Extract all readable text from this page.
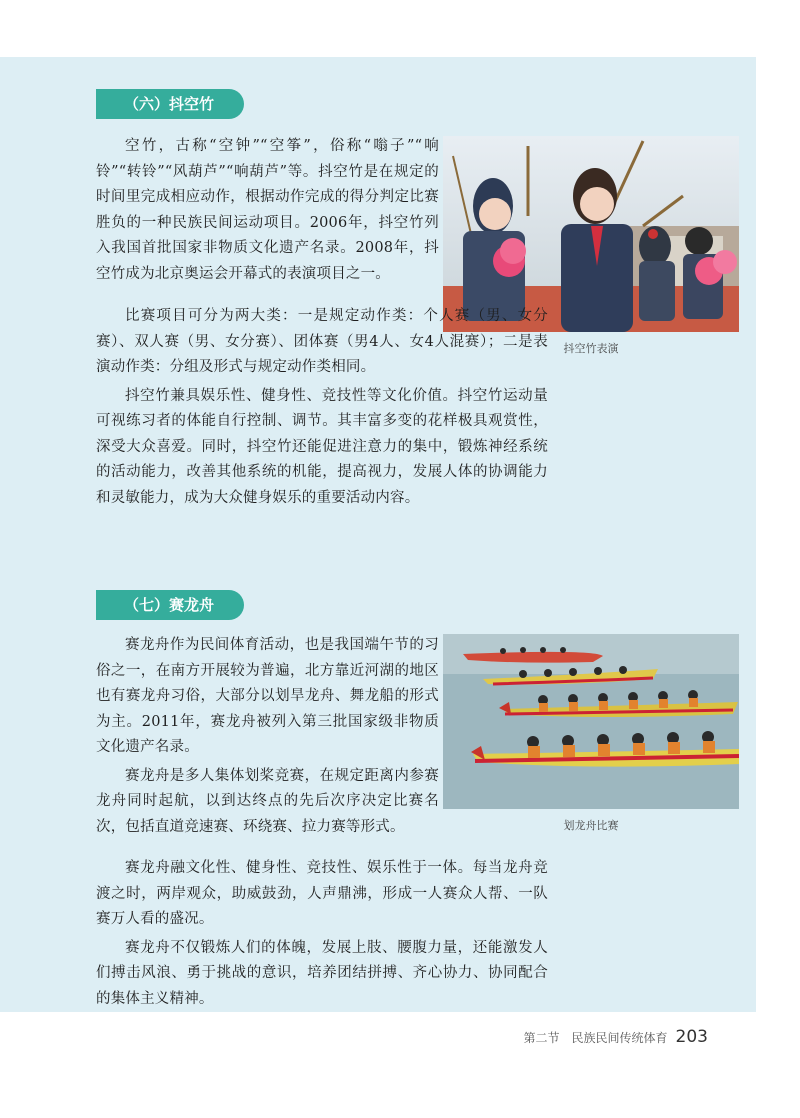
（六）抖空竹
抖空竹表演

空竹，古称“空钟”“空筝”，俗称“嗡子”“响铃”“转铃”“风葫芦”“响葫芦”等。抖空竹是在规定的时间里完成相应动作，根据动作完成的得分判定比赛胜负的一种民族民间运动项目。2006年，抖空竹列入我国首批国家非物质文化遗产名录。2008年，抖空竹成为北京奥运会开幕式的表演项目之一。

比赛项目可分为两大类：一是规定动作类：个人赛（男、女分赛）、双人赛（男、女分赛）、团体赛（男4人、女4人混赛）；二是表演动作类：分组及形式与规定动作类相同。

抖空竹兼具娱乐性、健身性、竞技性等文化价值。抖空竹运动量可视练习者的体能自行控制、调节。其丰富多变的花样极具观赏性，深受大众喜爱。同时，抖空竹还能促进注意力的集中，锻炼神经系统的活动能力，改善其他系统的机能，提高视力，发展人体的协调能力和灵敏能力，成为大众健身娱乐的重要活动内容。

（七）赛龙舟
划龙舟比赛

赛龙舟作为民间体育活动，也是我国端午节的习俗之一，在南方开展较为普遍，北方靠近河湖的地区也有赛龙舟习俗，大部分以划旱龙舟、舞龙船的形式为主。2011年，赛龙舟被列入第三批国家级非物质文化遗产名录。

赛龙舟是多人集体划桨竞赛，在规定距离内参赛龙舟同时起航，以到达终点的先后次序决定比赛名次，包括直道竞速赛、环绕赛、拉力赛等形式。

赛龙舟融文化性、健身性、竞技性、娱乐性于一体。每当龙舟竞渡之时，两岸观众，助威鼓劲，人声鼎沸，形成一人赛众人帮、一队赛万人看的盛况。

赛龙舟不仅锻炼人们的体魄，发展上肢、腰腹力量，还能激发人们搏击风浪、勇于挑战的意识，培养团结拼搏、齐心协力、协同配合的集体主义精神。

第二节　民族民间传统体育 203
